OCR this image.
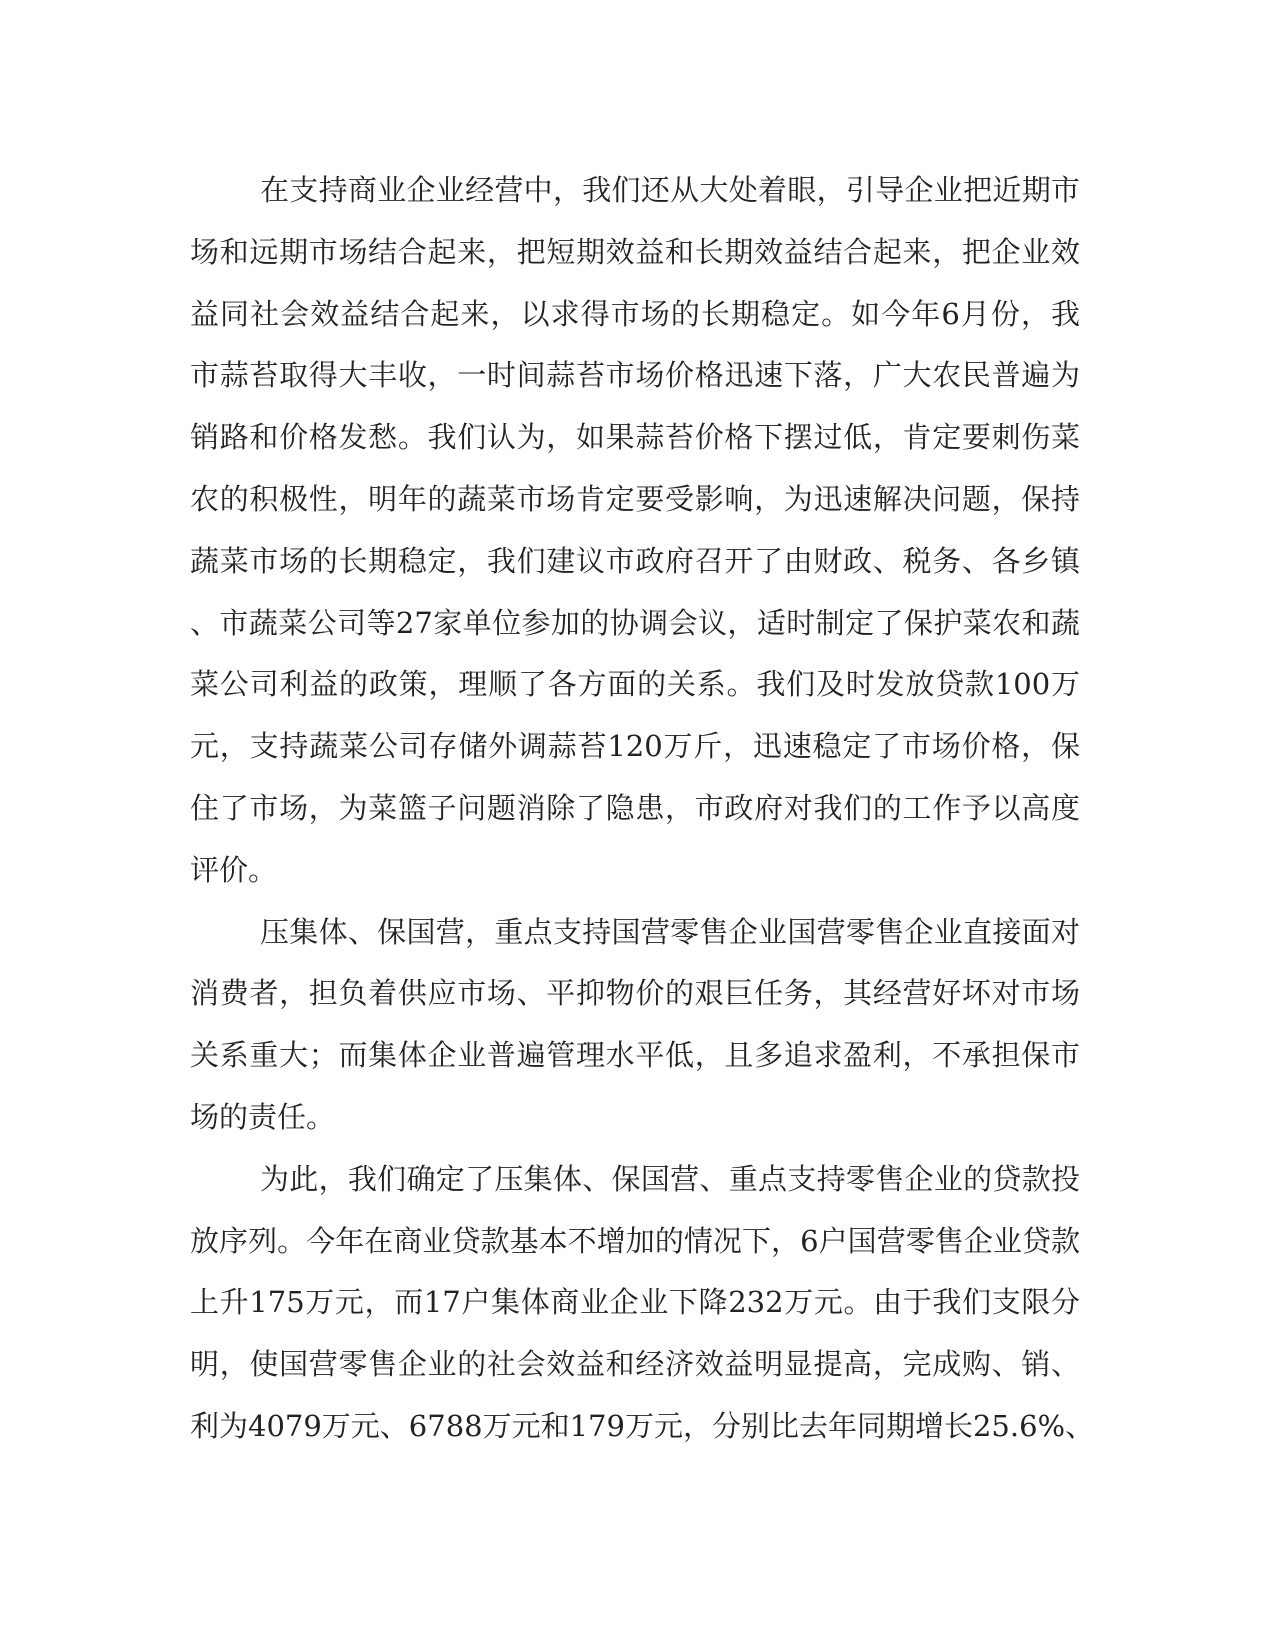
在支持商业企业经营中，我们还从大处着眼，引导企业把近期市
场和远期市场结合起来，把短期效益和长期效益结合起来，把企业效
益同社会效益结合起来，以求得市场的长期稳定。如今年6月份，我
市蒜苔取得大丰收，一时间蒜苔市场价格迅速下落，广大农民普遍为
销路和价格发愁。我们认为，如果蒜苔价格下摆过低，肯定要刺伤菜
农的积极性，明年的蔬菜市场肯定要受影响，为迅速解决问题，保持
蔬菜市场的长期稳定，我们建议市政府召开了由财政、税务、各乡镇
、市蔬菜公司等27家单位参加的协调会议，适时制定了保护菜农和蔬
菜公司利益的政策，理顺了各方面的关系。我们及时发放贷款100万
元，支持蔬菜公司存储外调蒜苔120万斤，迅速稳定了市场价格，保
住了市场，为菜篮子问题消除了隐患，市政府对我们的工作予以高度
评价。
压集体、保国营，重点支持国营零售企业国营零售企业直接面对
消费者，担负着供应市场、平抑物价的艰巨任务，其经营好坏对市场
关系重大；而集体企业普遍管理水平低，且多追求盈利，不承担保市
场的责任。
为此，我们确定了压集体、保国营、重点支持零售企业的贷款投
放序列。今年在商业贷款基本不增加的情况下，6户国营零售企业贷款
上升175万元，而17户集体商业企业下降232万元。由于我们支限分
明，使国营零售企业的社会效益和经济效益明显提高，完成购、销、
利为4079万元、6788万元和179万元，分别比去年同期增长25.6%、
